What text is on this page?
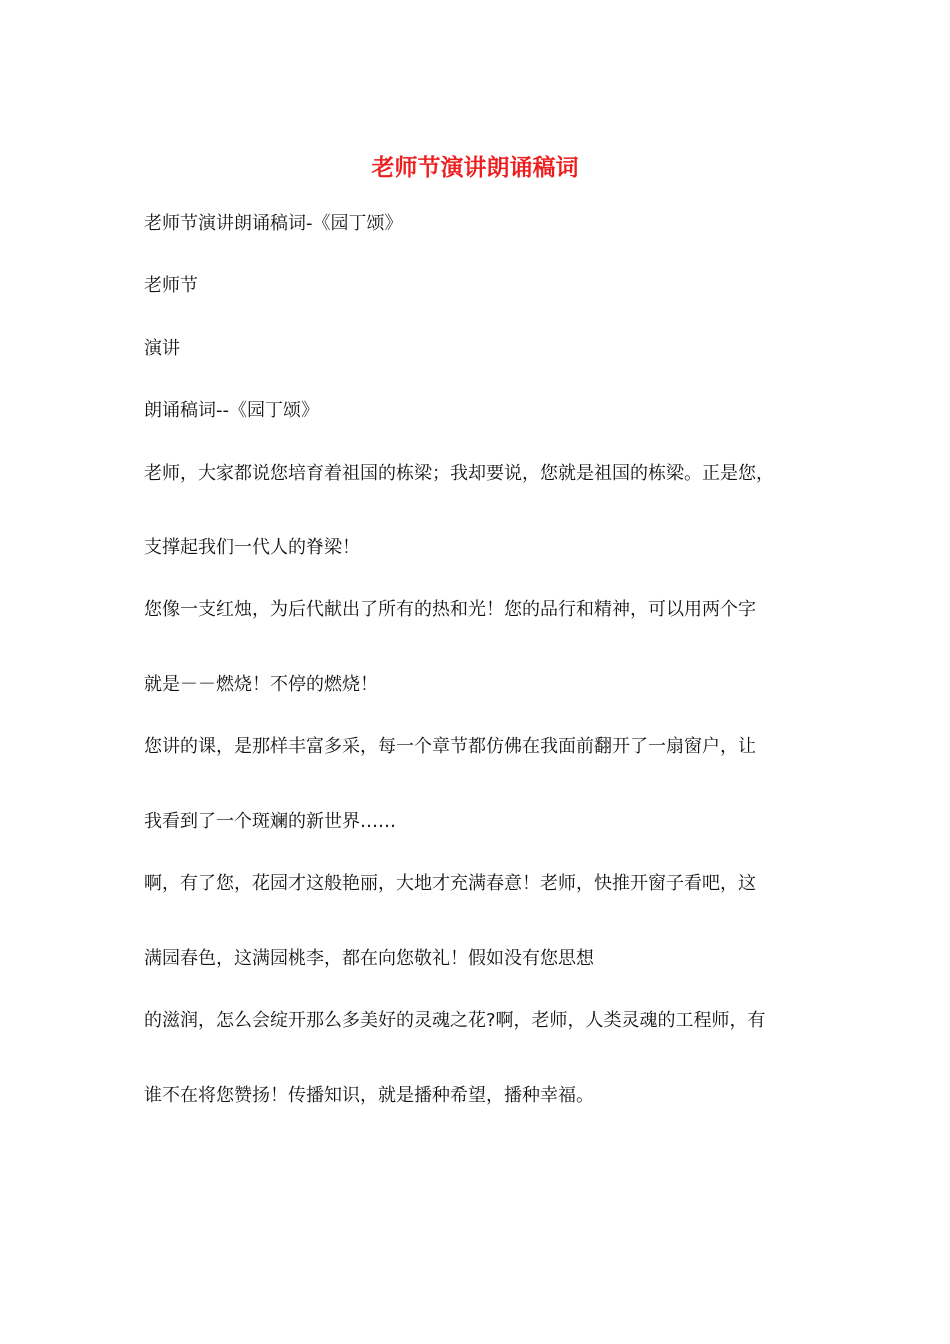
老师节演讲朗诵稿词
老师节演讲朗诵稿词-《园丁颂》
老师节
演讲
朗诵稿词--《园丁颂》
老师，大家都说您培育着祖国的栋梁；我却要说，您就是祖国的栋梁。正是您，
支撑起我们一代人的脊梁！
您像一支红烛，为后代献出了所有的热和光！您的品行和精神，可以用两个字
就是－－燃烧！不停的燃烧！
您讲的课，是那样丰富多采，每一个章节都仿佛在我面前翻开了一扇窗户，让
我看到了一个斑斓的新世界……
啊，有了您，花园才这般艳丽，大地才充满春意！老师，快推开窗子看吧，这
满园春色，这满园桃李，都在向您敬礼！假如没有您思想
的滋润，怎么会绽开那么多美好的灵魂之花?啊，老师，人类灵魂的工程师，有
谁不在将您赞扬！传播知识，就是播种希望，播种幸福。
